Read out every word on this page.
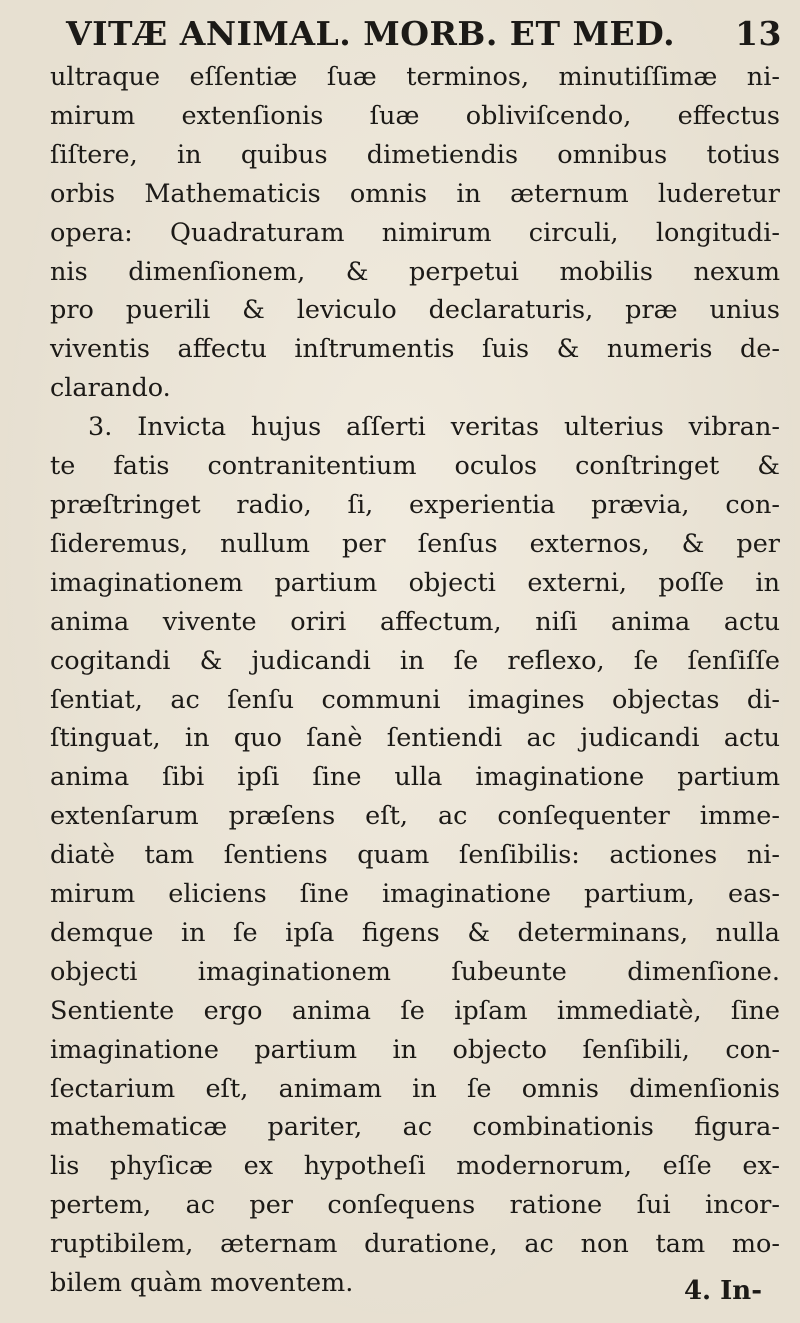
VITÆ ANIMAL. MORB. ET MED. 13
ultraque eſſentiæ ſuæ terminos, minutiſſimæ ni-
mirum extenſionis ſuæ obliviſcendo, effectus
ſiſtere, in quibus dimetiendis omnibus totius
orbis Mathematicis omnis in æternum luderetur
opera: Quadraturam nimirum circuli, longitudi-
nis dimenſionem, & perpetui mobilis nexum
pro puerili & leviculo declaraturis, præ unius
viventis affectu inſtrumentis ſuis & numeris de-
clarando.
3. Invicta hujus aſſerti veritas ulterius vibran-
te fatis contranitentium oculos conſtringet &
præſtringet radio, ſi, experientia prævia, con-
ſideremus, nullum per ſenſus externos, & per
imaginationem partium objecti externi, poſſe in
anima vivente oriri affectum, niſi anima actu
cogitandi & judicandi in ſe reflexo, ſe ſenſiſſe
ſentiat, ac ſenſu communi imagines objectas di-
ſtinguat, in quo ſanè ſentiendi ac judicandi actu
anima ſibi ipſi ſine ulla imaginatione partium
extenſarum præſens eſt, ac conſequenter imme-
diatè tam ſentiens quam ſenſibilis: actiones ni-
mirum eliciens ſine imaginatione partium, eas-
demque in ſe ipſa figens & determinans, nulla
objecti imaginationem ſubeunte dimenſione.
Sentiente ergo anima ſe ipſam immediatè, ſine
imaginatione partium in objecto ſenſibili, con-
ſectarium eſt, animam in ſe omnis dimenſionis
mathematicæ pariter, ac combinationis figura-
lis phyſicæ ex hypotheſi modernorum, eſſe ex-
pertem, ac per conſequens ratione ſui incor-
ruptibilem, æternam duratione, ac non tam mo-
bilem quàm moventem.	4. In-
